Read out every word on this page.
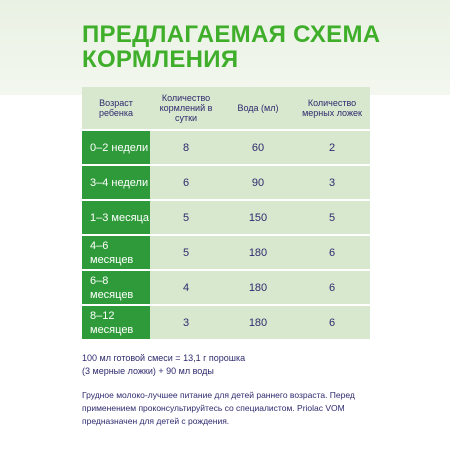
ПРЕДЛАГАЕМАЯ СХЕМА
КОРМЛЕНИЯ
Возраст ребенка	Количество кормлений в сутки	Вода (мл)	Количество мерных ложек
0–2 недели	8	60	2
3–4 недели	6	90	3
1–3 месяца	5	150	5
4–6 месяцев	5	180	6
6–8 месяцев	4	180	6
8–12 месяцев	3	180	6
100 мл готовой смеси = 13,1 г порошка
(3 мерные ложки) + 90 мл воды
Грудное молоко-лучшее питание для детей раннего возраста. Перед применением проконсультируйтесь со специалистом. Priolac VOM предназначен для детей с рождения.
